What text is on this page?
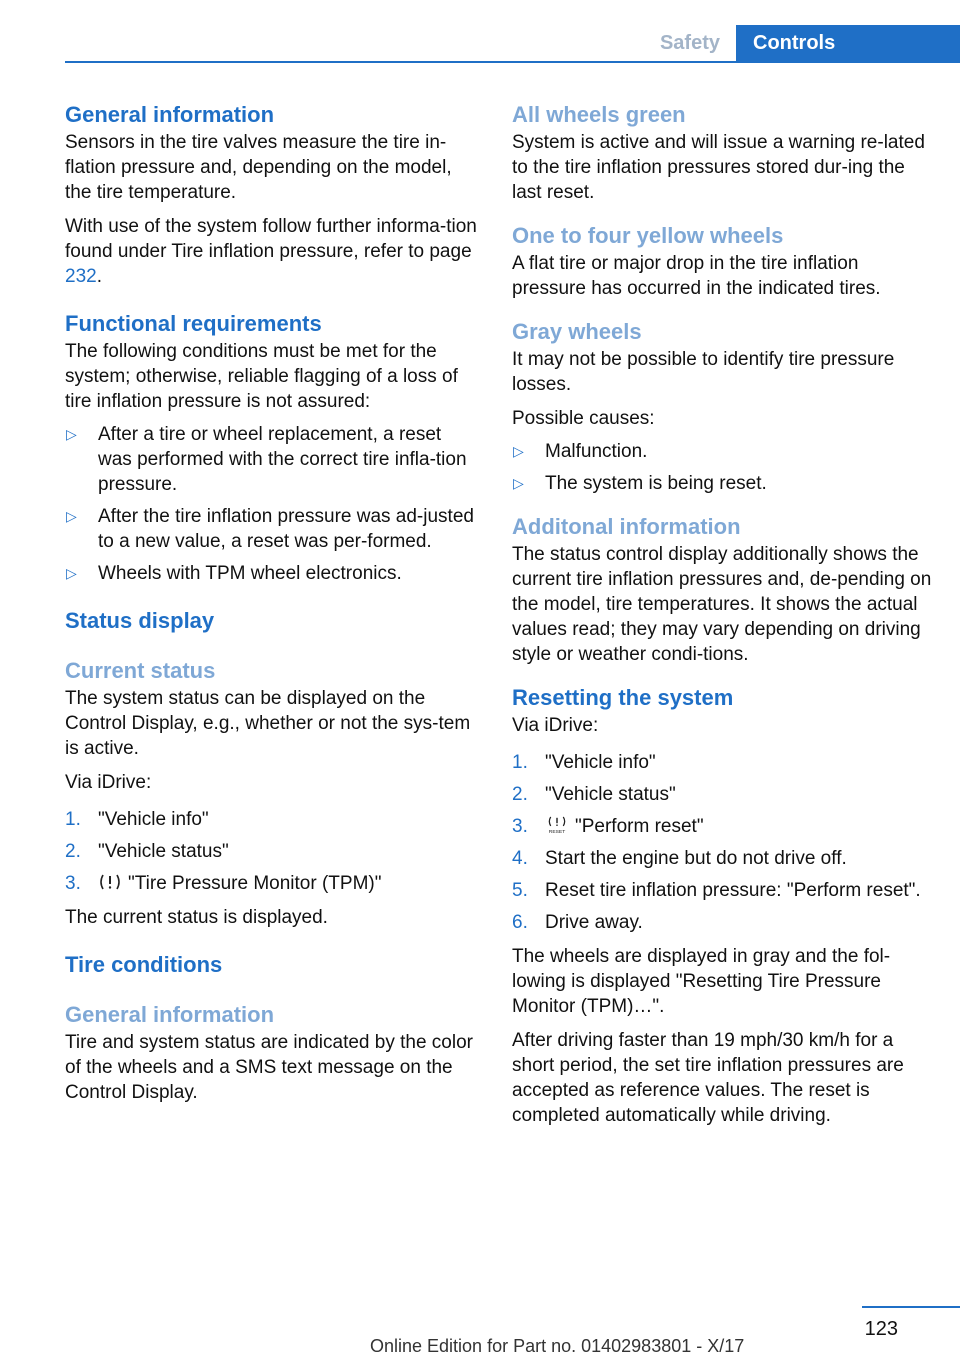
Safety	Controls
General information

Sensors in the tire valves measure the tire in-flation pressure and, depending on the model, the tire temperature.

With use of the system follow further informa-tion found under Tire inflation pressure, refer to page 232.

Functional requirements

The following conditions must be met for the system; otherwise, reliable flagging of a loss of tire inflation pressure is not assured:

▷ After a tire or wheel replacement, a reset was performed with the correct tire infla-tion pressure.
▷ After the tire inflation pressure was ad-justed to a new value, a reset was per-formed.
▷ Wheels with TPM wheel electronics.
Status display
Current status

The system status can be displayed on the Control Display, e.g., whether or not the sys-tem is active.

Via iDrive:

1. "Vehicle info"
2. "Vehicle status"
3. "Tire Pressure Monitor (TPM)"

The current status is displayed.

Tire conditions
General information

Tire and system status are indicated by the color of the wheels and a SMS text message on the Control Display.

All wheels green

System is active and will issue a warning re-lated to the tire inflation pressures stored dur-ing the last reset.

One to four yellow wheels

A flat tire or major drop in the tire inflation pressure has occurred in the indicated tires.

Gray wheels

It may not be possible to identify tire pressure losses.

Possible causes:

▷ Malfunction.
▷ The system is being reset.
Additonal information

The status control display additionally shows the current tire inflation pressures and, de-pending on the model, tire temperatures. It shows the actual values read; they may vary depending on driving style or weather condi-tions.

Resetting the system

Via iDrive:

1. "Vehicle info"
2. "Vehicle status"
3.	RESET "Perform reset"
4. Start the engine but do not drive off.
5. Reset tire inflation pressure: "Perform reset".
6. Drive away.

The wheels are displayed in gray and the fol-lowing is displayed "Resetting Tire Pressure Monitor (TPM)…".

After driving faster than 19 mph/30 km/h for a short period, the set tire inflation pressures are accepted as reference values. The reset is completed automatically while driving.

123
Online Edition for Part no. 01402983801 - X/17
